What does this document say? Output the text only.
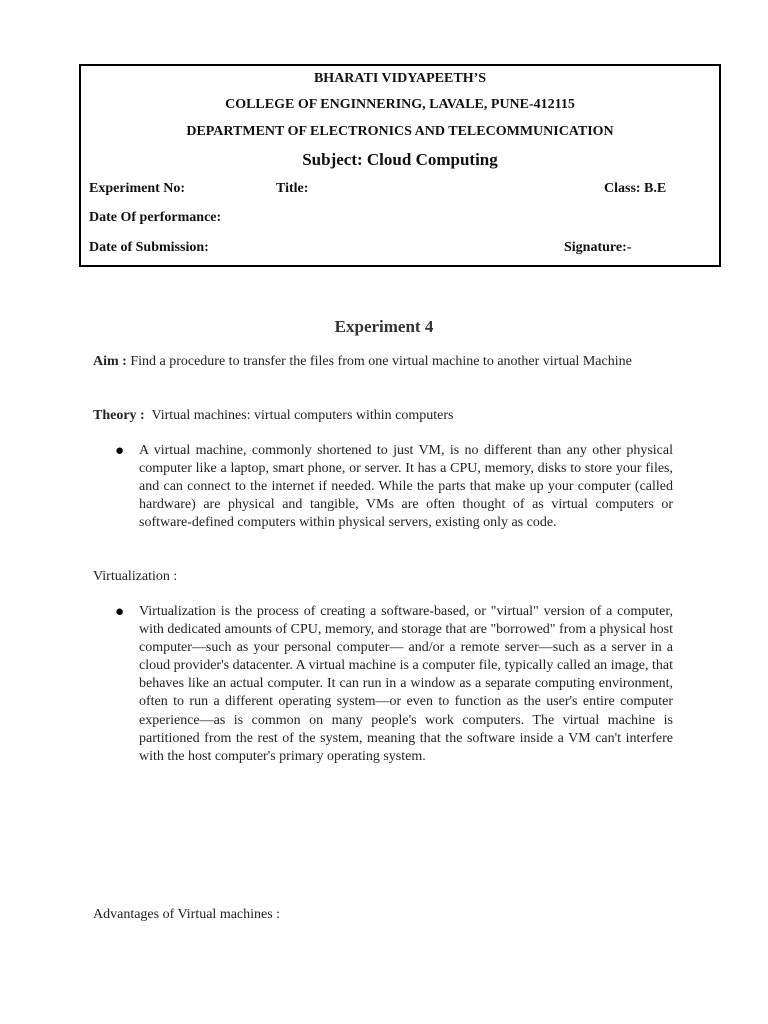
BHARATI VIDYAPEETH’S
COLLEGE OF ENGINNERING, LAVALE, PUNE-412115
DEPARTMENT OF ELECTRONICS AND TELECOMMUNICATION
Subject: Cloud Computing
Experiment No:	Title:	Class: B.E
Date Of performance:
Date of Submission:	Signature:-
Experiment 4
Aim : Find a procedure to transfer the files from one virtual machine to another virtual Machine
Theory : Virtual machines: virtual computers within computers
● A virtual machine, commonly shortened to just VM, is no different than any other physical computer like a laptop, smart phone, or server. It has a CPU, memory, disks to store your files, and can connect to the internet if needed. While the parts that make up your computer (called hardware) are physical and tangible, VMs are often thought of as virtual computers or software-defined computers within physical servers, existing only as code.
Virtualization :
● Virtualization is the process of creating a software-based, or "virtual" version of a computer, with dedicated amounts of CPU, memory, and storage that are "borrowed" from a physical host computer—such as your personal computer— and/or a remote server—such as a server in a cloud provider's datacenter. A virtual machine is a computer file, typically called an image, that behaves like an actual computer. It can run in a window as a separate computing environment, often to run a different operating system—or even to function as the user's entire computer experience—as is common on many people's work computers. The virtual machine is partitioned from the rest of the system, meaning that the software inside a VM can't interfere with the host computer's primary operating system.
Advantages of Virtual machines :
